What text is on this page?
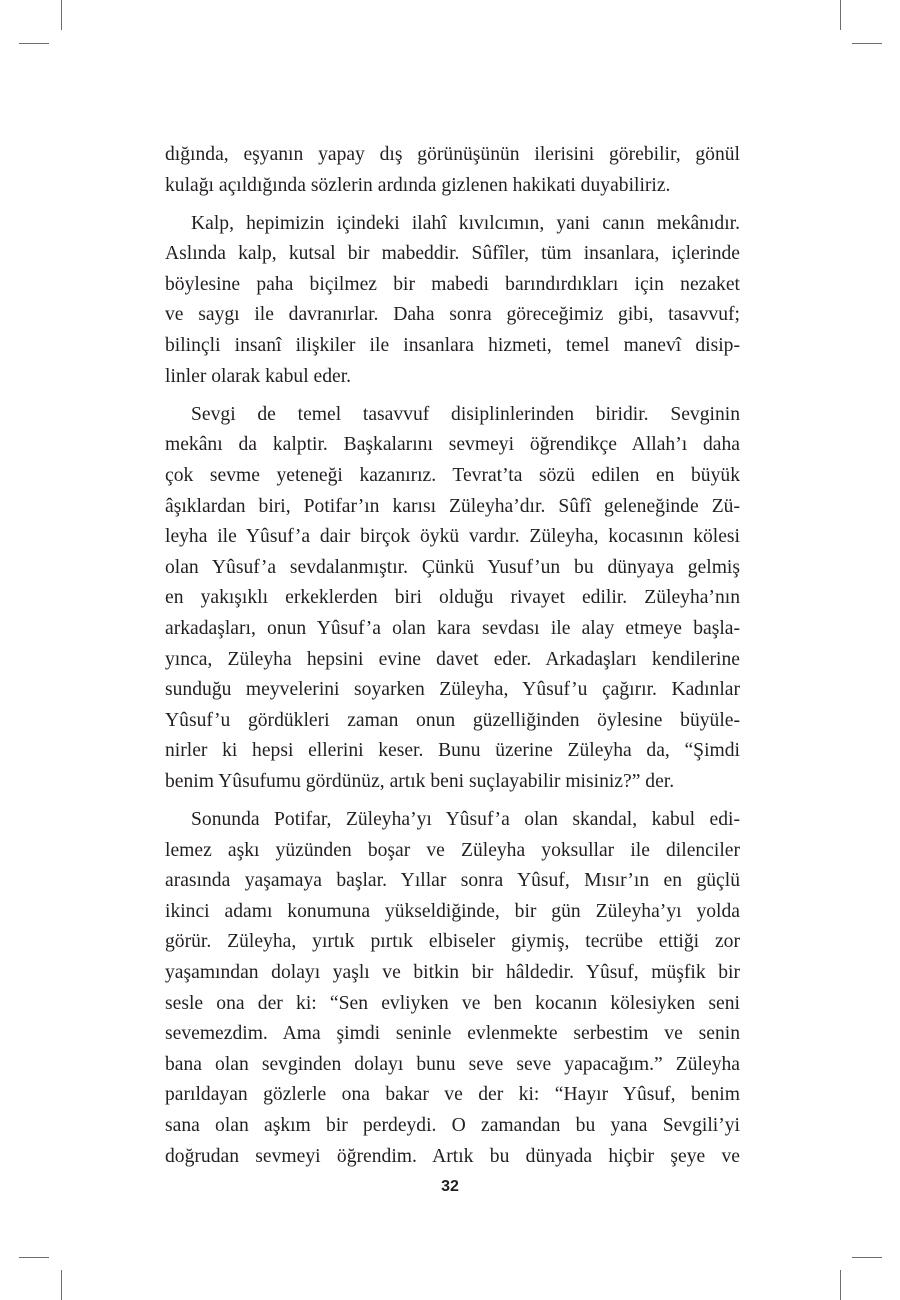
dığında, eşyanın yapay dış görünüşünün ilerisini görebilir, gönül
kulağı açıldığında sözlerin ardında gizlenen hakikati duyabiliriz.
Kalp, hepimizin içindeki ilahî kıvılcımın, yani canın mekânıdır.
Aslında kalp, kutsal bir mabeddir. Sûfîler, tüm insanlara, içlerinde
böylesine paha biçilmez bir mabedi barındırdıkları için nezaket
ve saygı ile davranırlar. Daha sonra göreceğimiz gibi, tasavvuf;
bilinçli insanî ilişkiler ile insanlara hizmeti, temel manevî disip-
linler olarak kabul eder.
Sevgi de temel tasavvuf disiplinlerinden biridir. Sevginin
mekânı da kalptir. Başkalarını sevmeyi öğrendikçe Allah’ı daha
çok sevme yeteneği kazanırız. Tevrat’ta sözü edilen en büyük
âşıklardan biri, Potifar’ın karısı Züleyha’dır. Sûfî geleneğinde Zü-
leyha ile Yûsuf’a dair birçok öykü vardır. Züleyha, kocasının kölesi
olan Yûsuf’a sevdalanmıştır. Çünkü Yusuf’un bu dünyaya gelmiş
en yakışıklı erkeklerden biri olduğu rivayet edilir. Züleyha’nın
arkadaşları, onun Yûsuf’a olan kara sevdası ile alay etmeye başla-
yınca, Züleyha hepsini evine davet eder. Arkadaşları kendilerine
sunduğu meyvelerini soyarken Züleyha, Yûsuf’u çağırır. Kadınlar
Yûsuf’u gördükleri zaman onun güzelliğinden öylesine büyüle-
nirler ki hepsi ellerini keser. Bunu üzerine Züleyha da, “Şimdi
benim Yûsufumu gördünüz, artık beni suçlayabilir misiniz?” der.
Sonunda Potifar, Züleyha’yı Yûsuf’a olan skandal, kabul edi-
lemez aşkı yüzünden boşar ve Züleyha yoksullar ile dilenciler
arasında yaşamaya başlar. Yıllar sonra Yûsuf, Mısır’ın en güçlü
ikinci adamı konumuna yükseldiğinde, bir gün Züleyha’yı yolda
görür. Züleyha, yırtık pırtık elbiseler giymiş, tecrübe ettiği zor
yaşamından dolayı yaşlı ve bitkin bir hâldedir. Yûsuf, müşfik bir
sesle ona der ki: “Sen evliyken ve ben kocanın kölesiyken seni
sevemezdim. Ama şimdi seninle evlenmekte serbestim ve senin
bana olan sevginden dolayı bunu seve seve yapacağım.” Züleyha
parıldayan gözlerle ona bakar ve der ki: “Hayır Yûsuf, benim
sana olan aşkım bir perdeydi. O zamandan bu yana Sevgili’yi
doğrudan sevmeyi öğrendim. Artık bu dünyada hiçbir şeye ve
32
